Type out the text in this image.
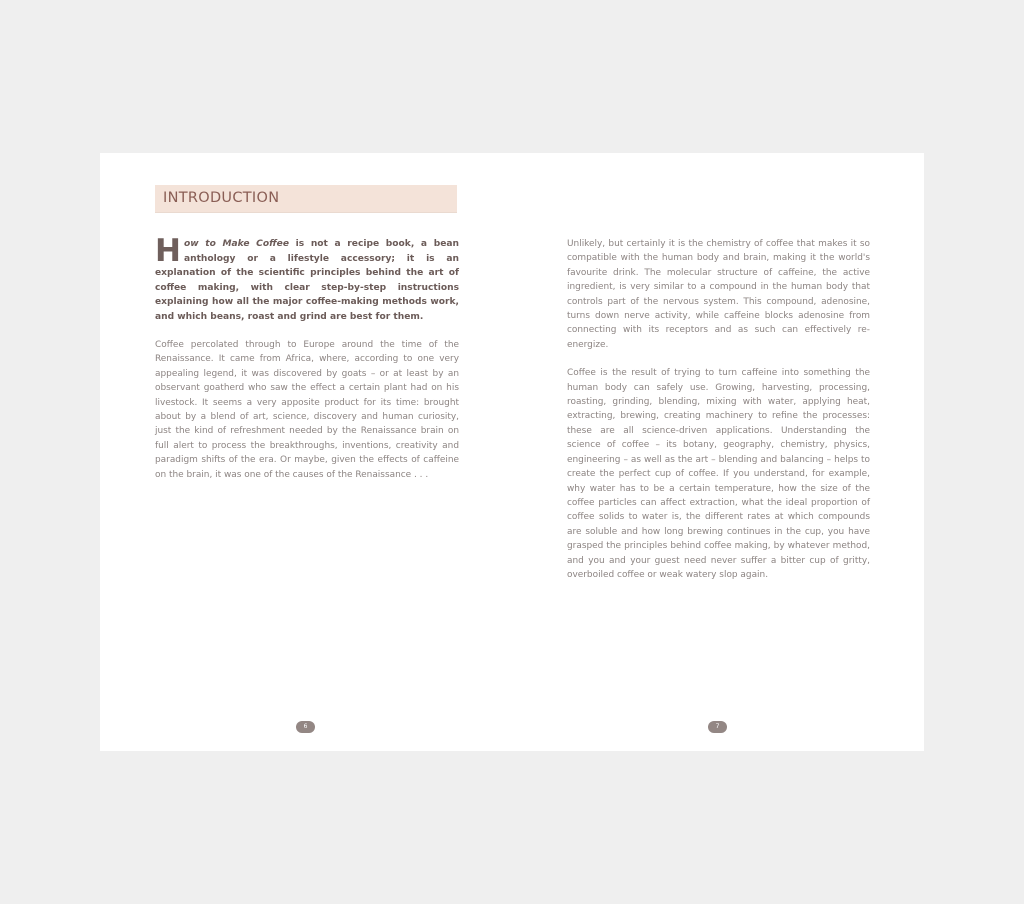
INTRODUCTION

How to Make Coffee is not a recipe book, a bean anthology or a lifestyle accessory; it is an explanation of the scientific principles behind the art of coffee making, with clear step-by-step instructions explaining how all the major coffee-making methods work, and which beans, roast and grind are best for them.

Coffee percolated through to Europe around the time of the Renaissance. It came from Africa, where, according to one very appealing legend, it was discovered by goats – or at least by an observant goatherd who saw the effect a certain plant had on his livestock. It seems a very apposite product for its time: brought about by a blend of art, science, discovery and human curiosity, just the kind of refreshment needed by the Renaissance brain on full alert to process the breakthroughs, inventions, creativity and paradigm shifts of the era. Or maybe, given the effects of caffeine on the brain, it was one of the causes of the Renaissance . . .

6

Unlikely, but certainly it is the chemistry of coffee that makes it so compatible with the human body and brain, making it the world's favourite drink. The molecular structure of caffeine, the active ingredient, is very similar to a compound in the human body that controls part of the nervous system. This compound, adenosine, turns down nerve activity, while caffeine blocks adenosine from connecting with its receptors and as such can effectively re-energize.

Coffee is the result of trying to turn caffeine into something the human body can safely use. Growing, harvesting, processing, roasting, grinding, blending, mixing with water, applying heat, extracting, brewing, creating machinery to refine the processes: these are all science-driven applications. Understanding the science of coffee – its botany, geography, chemistry, physics, engineering – as well as the art – blending and balancing – helps to create the perfect cup of coffee. If you understand, for example, why water has to be a certain temperature, how the size of the coffee particles can affect extraction, what the ideal proportion of coffee solids to water is, the different rates at which compounds are soluble and how long brewing continues in the cup, you have grasped the principles behind coffee making, by whatever method, and you and your guest need never suffer a bitter cup of gritty, overboiled coffee or weak watery slop again.

7
